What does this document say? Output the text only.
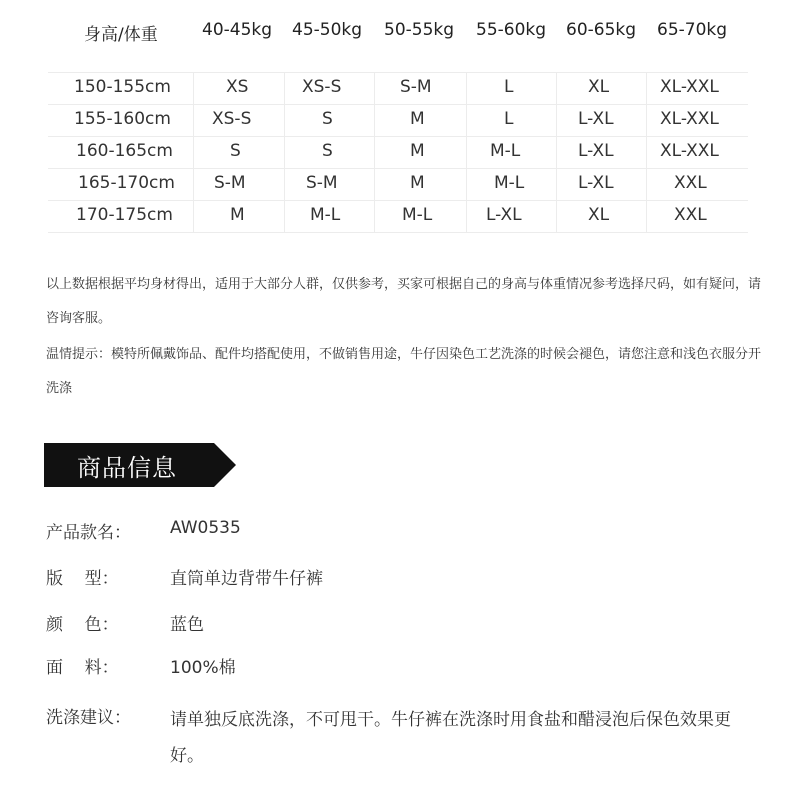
身高/体重	40-45kg 45-50kg 50-55kg 55-60kg 60-65kg 65-70kg
150-155cm	XS	XS-S	S-M	L	XL	XL-XXL
155-160cm XS-S	S	M	L	L-XL	XL-XXL
160-165cm	S	S	M	M-L	L-XL	XL-XXL
165-170cm S-M	S-M	M	M-L	L-XL	XXL
170-175cm	M	M-L	M-L	L-XL	XL	XXL
以上数据根据平均身材得出，适用于大部分人群，仅供参考，买家可根据自己的身高与体重情况参考选择尺码，如有疑问，请咨询客服。
温情提示：模特所佩戴饰品、配件均搭配使用，不做销售用途，牛仔因染色工艺洗涤的时候会褪色，请您注意和浅色衣服分开洗涤
商品信息
产品款名： AW0535
版    型：	直筒单边背带牛仔裤
颜    色：	蓝色
面    料：	100%棉
洗涤建议： 请单独反底洗涤，不可甩干。牛仔裤在洗涤时用食盐和醋浸泡后保色效果更好。
